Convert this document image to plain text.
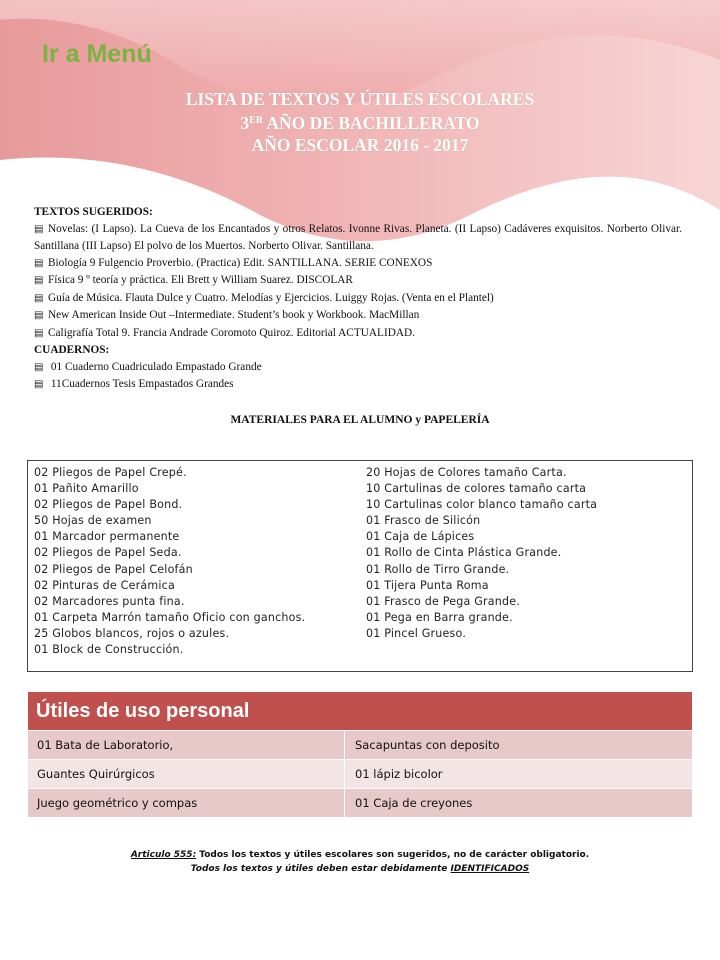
Ir a Menú
LISTA DE TEXTOS Y ÚTILES ESCOLARES
3ER AÑO DE BACHILLERATO
AÑO ESCOLAR 2016 - 2017
TEXTOS SUGERIDOS:
▤ Novelas: (I Lapso). La Cueva de los Encantados y otros Relatos. Ivonne Rivas. Planeta. (II Lapso) Cadáveres exquisitos. Norberto Olivar. Santillana (III Lapso) El polvo de los Muertos. Norberto Olivar. Santillana.
▤ Biología 9 Fulgencio Proverbio. (Practica) Edit. SANTILLANA. SERIE CONEXOS
▤ Física 9 º teoría y práctica. Eli Brett y William Suarez. DISCOLAR
▤ Guía de Música. Flauta Dulce y Cuatro. Melodías y Ejercicios. Luiggy Rojas. (Venta en el Plantel)
▤ New American Inside Out –Intermediate. Student’s book y Workbook. MacMillan
▤ Caligrafía Total 9. Francia Andrade Coromoto Quiroz. Editorial ACTUALIDAD.
CUADERNOS:
▤ 01 Cuaderno Cuadriculado Empastado Grande
▤ 11Cuadernos Tesis Empastados Grandes
MATERIALES PARA EL ALUMNO y PAPELERÍA
02 Pliegos de Papel Crepé.
01 Pañito Amarillo
02 Pliegos de Papel Bond.
50 Hojas de examen
01 Marcador permanente
02 Pliegos de Papel Seda.
02 Pliegos de Papel Celofán
02 Pinturas de Cerámica
02 Marcadores punta fina.
01 Carpeta Marrón tamaño Oficio con ganchos.
25 Globos blancos, rojos o azules.
01 Block de Construcción.
20 Hojas de Colores tamaño Carta.
10 Cartulinas de colores tamaño carta
10 Cartulinas color blanco tamaño carta
01 Frasco de Silicón
01 Caja de Lápices
01 Rollo de Cinta Plástica Grande.
01 Rollo de Tirro Grande.
01 Tijera Punta Roma
01 Frasco de Pega Grande.
01 Pega en Barra grande.
01 Pincel Grueso.
Útiles de uso personal
01 Bata de Laboratorio,	Sacapuntas con deposito
Guantes Quirúrgicos	01 lápiz bicolor
Juego geométrico y compas	01 Caja de creyones
Articulo 555: Todos los textos y útiles escolares son sugeridos, no de carácter obligatorio.
Todos los textos y útiles deben estar debidamente IDENTIFICADOS
